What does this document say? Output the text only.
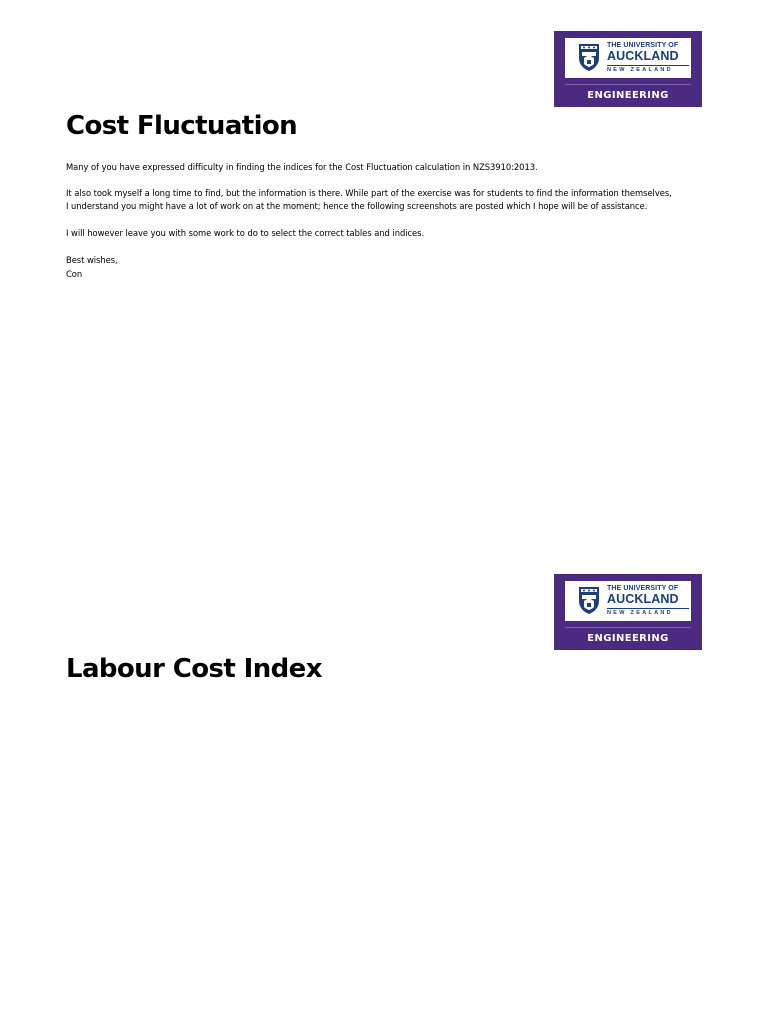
THE UNIVERSITY OF
AUCKLAND
NEW ZEALAND
ENGINEERING
Cost Fluctuation

Many of you have expressed difficulty in finding the indices for the Cost Fluctuation calculation in NZS3910:2013.

It also took myself a long time to find, but the information is there. While part of the exercise was for students to find the information themselves,

I understand you might have a lot of work on at the moment; hence the following screenshots are posted which I hope will be of assistance.

I will however leave you with some work to do to select the correct tables and indices.

Best wishes,

Con

THE UNIVERSITY OF
AUCKLAND
NEW ZEALAND
ENGINEERING
Labour Cost Index
